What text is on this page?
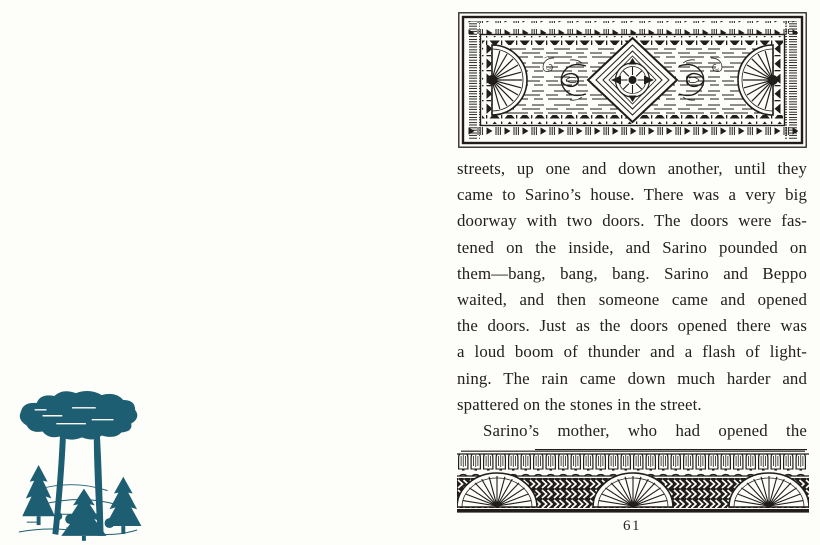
streets, up one and down another, until they
came to Sarino’s house. There was a very big
doorway with two doors. The doors were fas-
tened on the inside, and Sarino pounded on
them—bang, bang, bang. Sarino and Beppo
waited, and then someone came and opened
the doors. Just as the doors opened there was
a loud boom of thunder and a flash of light-
ning. The rain came down much harder and
spattered on the stones in the street.
Sarino’s mother, who had opened the
61
